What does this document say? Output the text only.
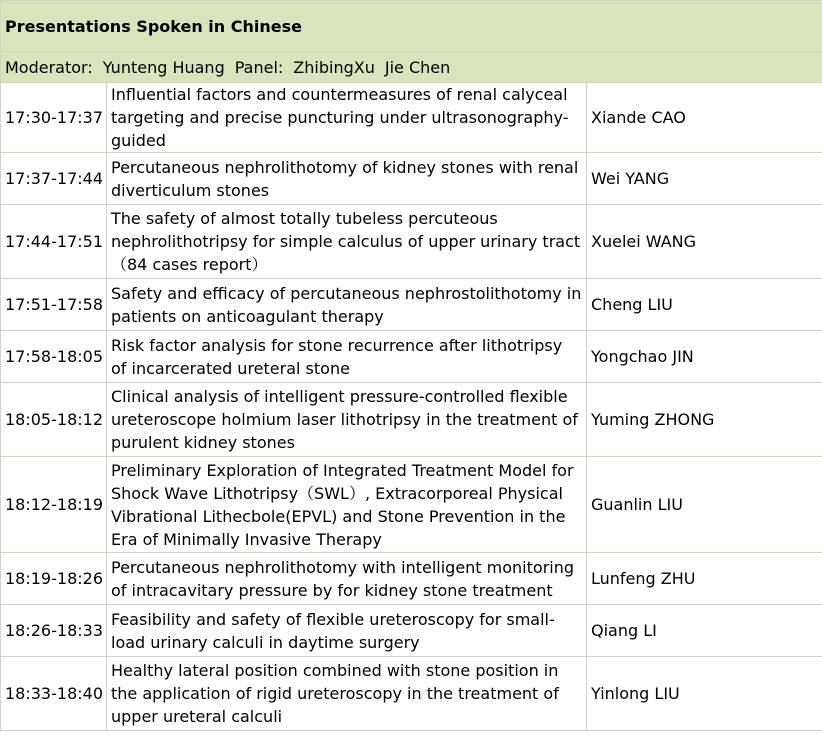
Presentations Spoken in Chinese		
Moderator: Yunteng Huang Panel: ZhibingXu Jie Chen		
17:30-17:37	Influential factors and countermeasures of renal calyceal targeting and precise puncturing under ultrasonography-guided	Xiande CAO
17:37-17:44	Percutaneous nephrolithotomy of kidney stones with renal diverticulum stones	Wei YANG
17:44-17:51	The safety of almost totally tubeless percuteous nephrolithotripsy for simple calculus of upper urinary tract （84 cases report）	Xuelei WANG
17:51-17:58	Safety and efficacy of percutaneous nephrostolithotomy in patients on anticoagulant therapy	Cheng LIU
17:58-18:05	Risk factor analysis for stone recurrence after lithotripsy of incarcerated ureteral stone	Yongchao JIN
18:05-18:12	Clinical analysis of intelligent pressure-controlled flexible ureteroscope holmium laser lithotripsy in the treatment of purulent kidney stones	Yuming ZHONG
18:12-18:19	Preliminary Exploration of Integrated Treatment Model for Shock Wave Lithotripsy（SWL）, Extracorporeal Physical Vibrational Lithecbole(EPVL) and Stone Prevention in the Era of Minimally Invasive Therapy	Guanlin LIU
18:19-18:26	Percutaneous nephrolithotomy with intelligent monitoring of intracavitary pressure by for kidney stone treatment	Lunfeng ZHU
18:26-18:33	Feasibility and safety of flexible ureteroscopy for small-load urinary calculi in daytime surgery	Qiang LI
18:33-18:40	Healthy lateral position combined with stone position in the application of rigid ureteroscopy in the treatment of upper ureteral calculi	Yinlong LIU
